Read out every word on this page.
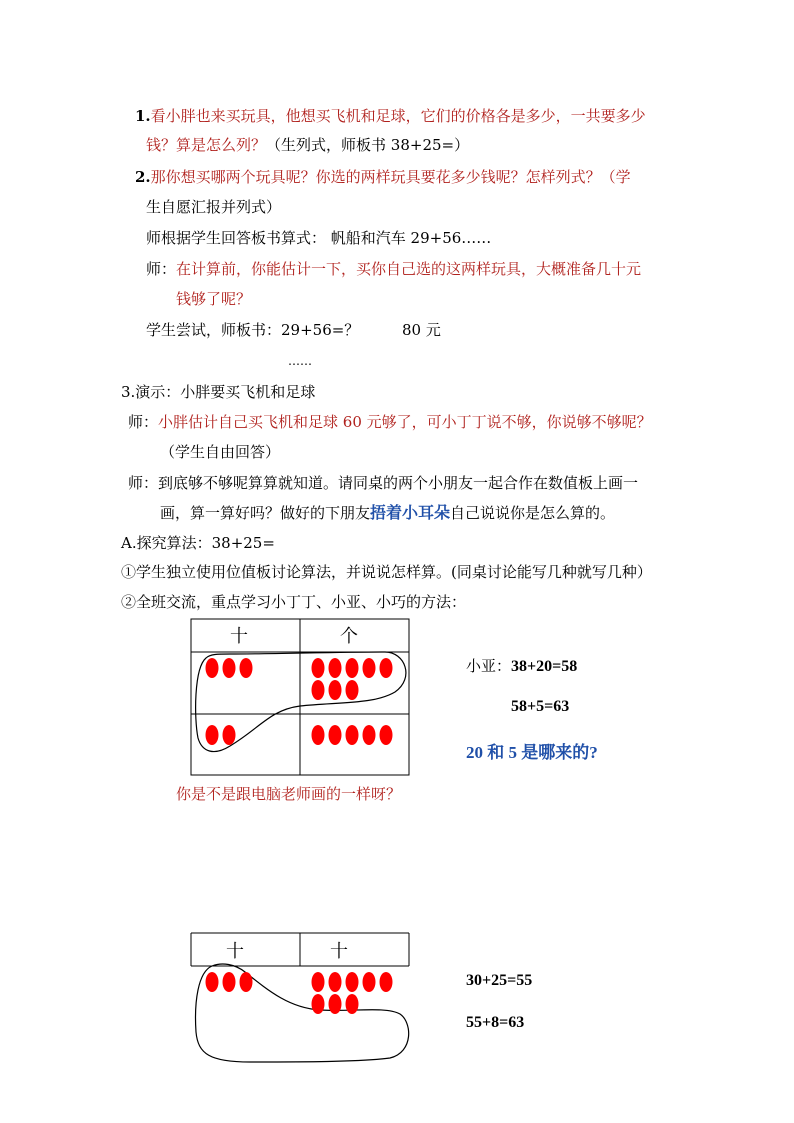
1.看小胖也来买玩具，他想买飞机和足球，它们的价格各是多少，一共要多少
钱？算是怎么列？（生列式，师板书 38+25=）
2.那你想买哪两个玩具呢？你选的两样玩具要花多少钱呢？怎样列式？（学
生自愿汇报并列式）
师根据学生回答板书算式： 帆船和汽车 29+56……
师：在计算前，你能估计一下，买你自己选的这两样玩具，大概准备几十元
钱够了呢？
学生尝试，师板书：29+56=？	80 元
……
3.演示：小胖要买飞机和足球
师：小胖估计自己买飞机和足球 60 元够了，可小丁丁说不够，你说够不够呢？
（学生自由回答）
师：到底够不够呢算算就知道。请同桌的两个小朋友一起合作在数值板上画一
画，算一算好吗？做好的下朋友捂着小耳朵自己说说你是怎么算的。
A.探究算法：38+25=
①学生独立使用位值板讨论算法，并说说怎样算。(同桌讨论能写几种就写几种）
②全班交流，重点学习小丁丁、小亚、小巧的方法：
十	个
你是不是跟电脑老师画的一样呀？
小亚：38+20=58
58+5=63
20 和 5 是哪来的?
十	十
30+25=55
55+8=63
